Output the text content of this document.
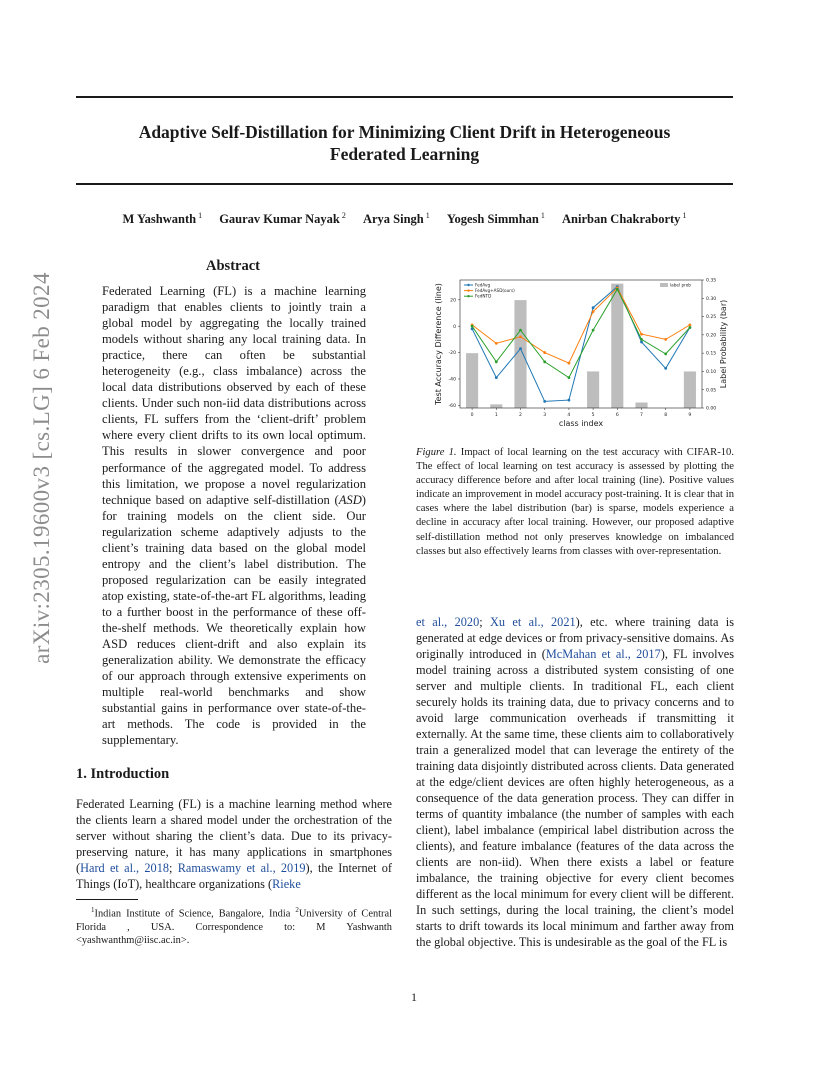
Adaptive Self-Distillation for Minimizing Client Drift in Heterogeneous
Federated Learning
M Yashwanth $^1$ Gaurav Kumar Nayak $^2$ Arya Singh $^1$ Yogesh Simmhan $^1$ Anirban Chakraborty $^1$
arXiv:2305.19600v3 [cs.LG] 6 Feb 2024
Abstract
Federated Learning (FL) is a machine learning paradigm that enables clients to jointly train a global model by aggregating the locally trained models without sharing any local training data. In practice, there can often be substantial heterogeneity (e.g., class imbalance) across the local data distributions observed by each of these clients. Under such non-iid data distributions across clients, FL suffers from the ‘client-drift’ problem where every client drifts to its own local optimum. This results in slower convergence and poor performance of the aggregated model. To address this limitation, we propose a novel regularization technique based on adaptive self-distillation (ASD) for training models on the client side. Our regularization scheme adaptively adjusts to the client’s training data based on the global model entropy and the client’s label distribution. The proposed regularization can be easily integrated atop existing, state-of-the-art FL algorithms, leading to a further boost in the performance of these off-the-shelf methods. We theoretically explain how ASD reduces client-drift and also explain its generalization ability. We demonstrate the efficacy of our approach through extensive experiments on multiple real-world benchmarks and show substantial gains in performance over state-of-the-art methods. The code is provided in the supplementary.
1. Introduction
Federated Learning (FL) is a machine learning method where the clients learn a shared model under the orchestration of the server without sharing the client’s data. Due to its privacy-preserving nature, it has many applications in smartphones (Hard et al., 2018; Ramaswamy et al., 2019), the Internet of Things (IoT), healthcare organizations (Rieke
$^1$Indian Institute of Science, Bangalore, India $^2$University of Central Florida , USA. Correspondence to: M Yashwanth <yashwanthm@iisc.ac.in>.
-60
-40
-20
0
20
0.00
0.05
0.10
0.15
0.20
0.25
0.30
0.35
0	1	2	3	4	5	6	7	8	9
class index
Test Accuracy Difference (line)	Label Probability (bar)
FedAvg
FedAvg+ASD(ours)
FedNTD
label prob
Figure 1. Impact of local learning on the test accuracy with CIFAR-10. The effect of local learning on test accuracy is assessed by plotting the accuracy difference before and after local training (line). Positive values indicate an improvement in model accuracy post-training. It is clear that in cases where the label distribution (bar) is sparse, models experience a decline in accuracy after local training. However, our proposed adaptive self-distillation method not only preserves knowledge on imbalanced classes but also effectively learns from classes with over-representation.
et al., 2020; Xu et al., 2021), etc. where training data is generated at edge devices or from privacy-sensitive domains. As originally introduced in (McMahan et al., 2017), FL involves model training across a distributed system consisting of one server and multiple clients. In traditional FL, each client securely holds its training data, due to privacy concerns and to avoid large communication overheads if transmitting it externally. At the same time, these clients aim to collaboratively train a generalized model that can leverage the entirety of the training data disjointly distributed across clients. Data generated at the edge/client devices are often highly heterogeneous, as a consequence of the data generation process. They can differ in terms of quantity imbalance (the number of samples with each client), label imbalance (empirical label distribution across the clients), and feature imbalance (features of the data across the clients are non-iid). When there exists a label or feature imbalance, the training objective for every client becomes different as the local minimum for every client will be different. In such settings, during the local training, the client’s model starts to drift towards its local minimum and farther away from the global objective. This is undesirable as the goal of the FL is
1
